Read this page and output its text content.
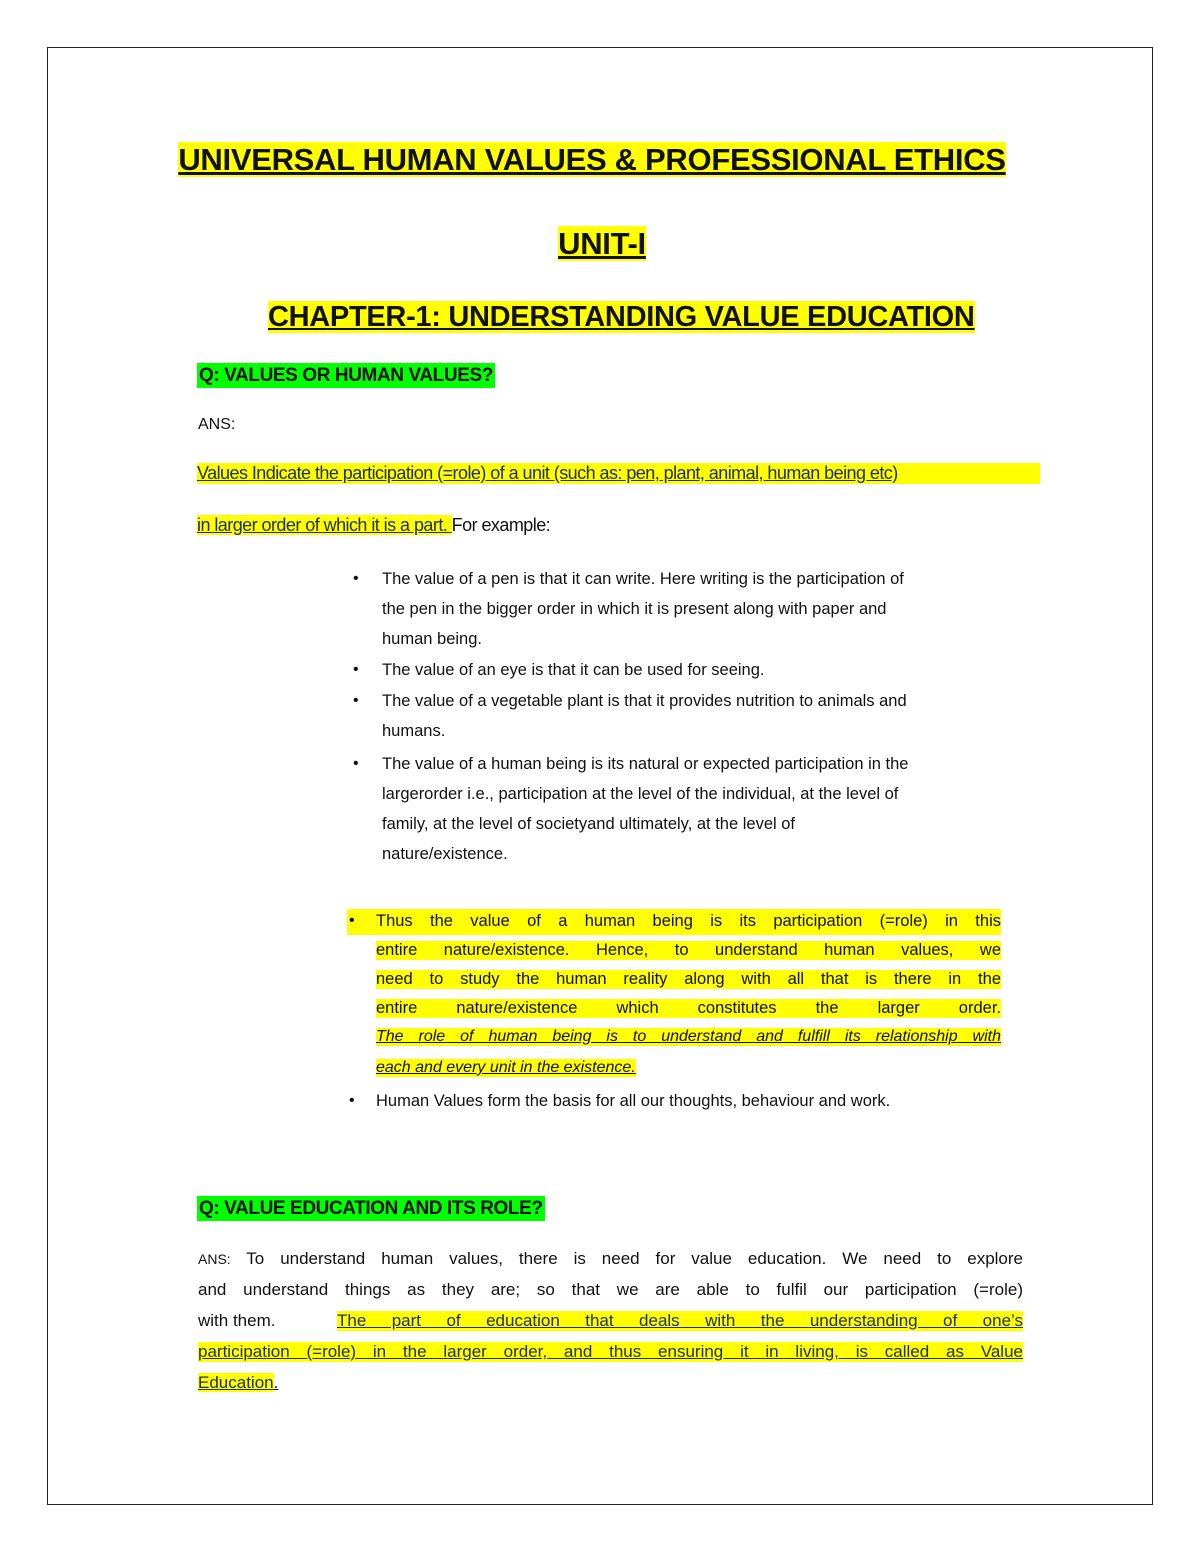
UNIVERSAL HUMAN VALUES & PROFESSIONAL ETHICS
UNIT-I
CHAPTER-1: UNDERSTANDING VALUE EDUCATION
Q: VALUES OR HUMAN VALUES?
ANS:
Values Indicate the participation (=role) of a unit (such as: pen, plant, animal, human being etc)
in larger order of which it is a part. For example:
• The value of a pen is that it can write. Here writing is the participation of
the pen in the bigger order in which it is present along with paper and
human being.
• The value of an eye is that it can be used for seeing.
• The value of a vegetable plant is that it provides nutrition to animals and
humans.
• The value of a human being is its natural or expected participation in the
largerorder i.e., participation at the level of the individual, at the level of
family, at the level of societyand ultimately, at the level of
nature/existence.
• Thus the value of a human being is its participation (=role) in this
entire nature/existence. Hence, to understand human values, we
need to study the human reality along with all that is there in the
entire nature/existence which constitutes the larger order.
The role of human being is to understand and fulfill its relationship with
each and every unit in the existence.
• Human Values form the basis for all our thoughts, behaviour and work.
Q: VALUE EDUCATION AND ITS ROLE?
ANS: To understand human values, there is need for value education. We need to explore
and understand things as they are; so that we are able to fulfil our participation (=role)
with them.	The part of education that deals with the understanding of one’s
participation (=role) in the larger order, and thus ensuring it in living, is called as Value
Education.
